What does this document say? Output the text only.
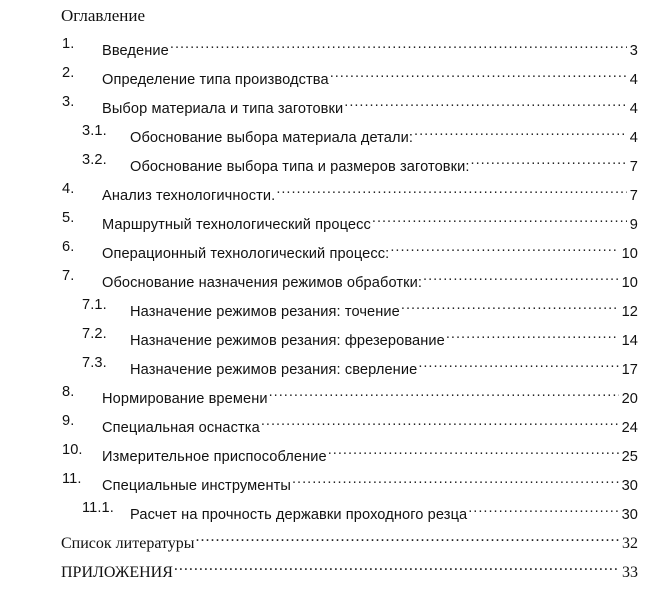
Оглавление
1. Введение .....	3
2. Определение типа производства .....	4
3. Выбор материала и типа заготовки .....	4
3.1. Обоснование выбора материала детали: .....	4
3.2. Обоснование выбора типа и размеров заготовки: .....	7
4. Анализ технологичности. .....	7
5. Маршрутный технологический процесс .....	9
6. Операционный технологический процесс: .....	10
7. Обоснование назначения режимов обработки: .....	10
7.1. Назначение режимов резания: точение .....	12
7.2. Назначение режимов резания: фрезерование .....	14
7.3. Назначение режимов резания: сверление .....	17
8. Нормирование времени .....	20
9. Специальная оснастка .....	24
10. Измерительное приспособление .....	25
11. Специальные инструменты .....	30
11.1. Расчет на прочность державки проходного резца .....	30
Список литературы .....	32
ПРИЛОЖЕНИЯ .....	33
